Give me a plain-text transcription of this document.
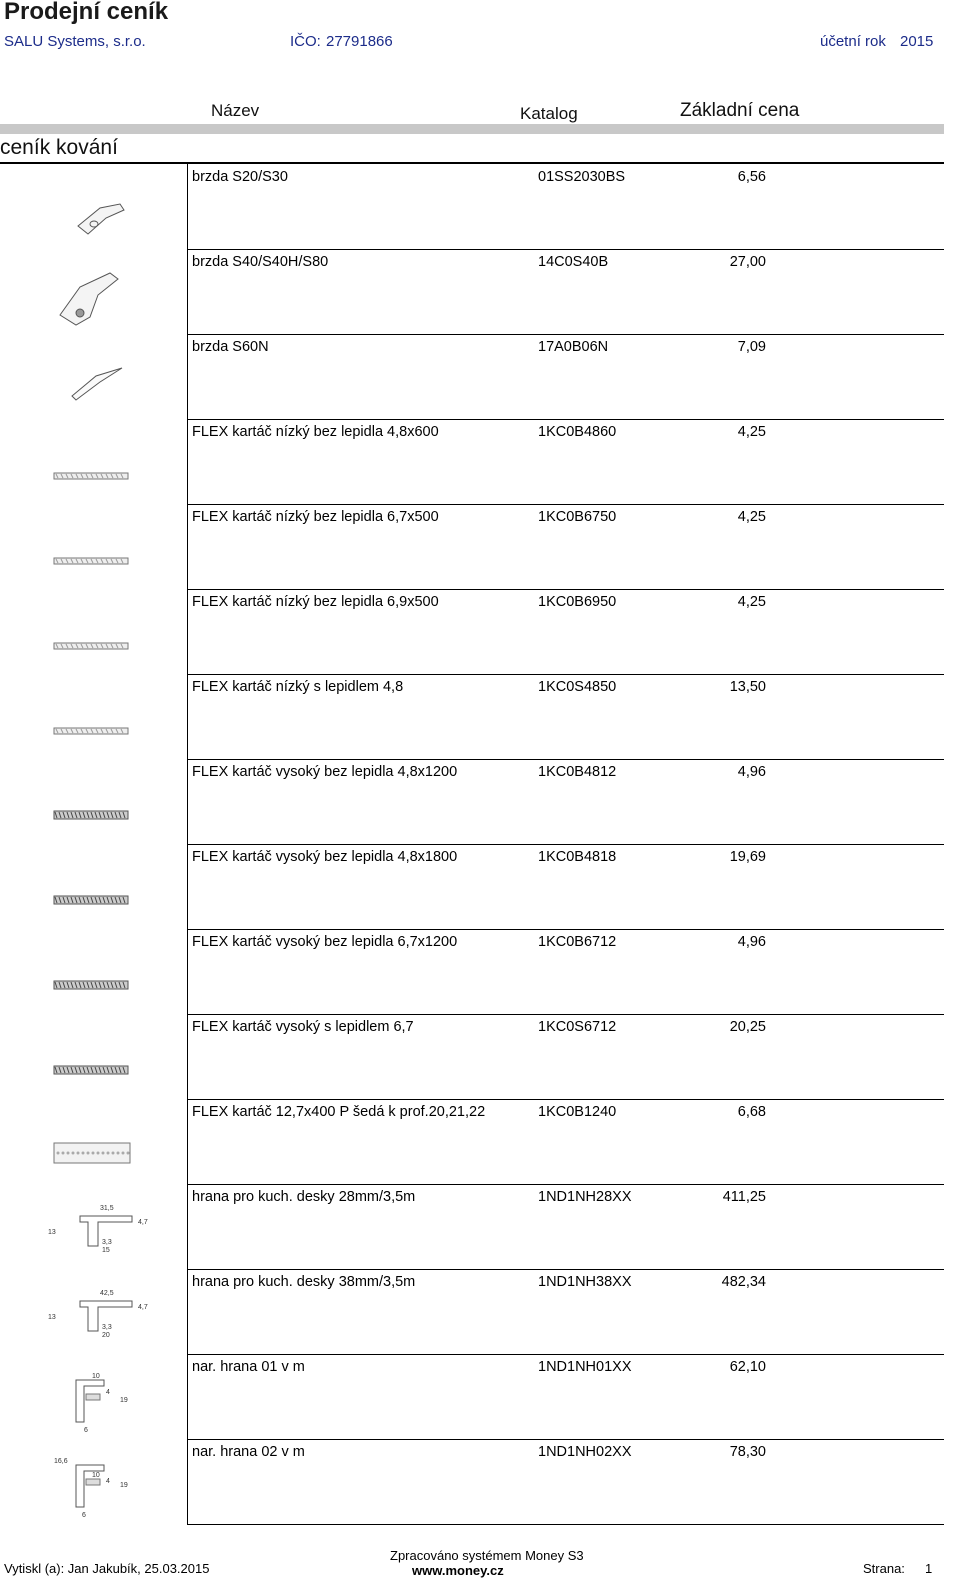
Prodejní ceník
SALU Systems, s.r.o.	IČO: 27791866	účetní rok 2015
Název	Katalog	Základní cena
ceník kování
brzda S20/S30	01SS2030BS	6,56
brzda S40/S40H/S80	14C0S40B	27,00
brzda S60N	17A0B06N	7,09
FLEX kartáč nízký bez lepidla 4,8x600	1KC0B4860	4,25
FLEX kartáč nízký bez lepidla 6,7x500	1KC0B6750	4,25
FLEX kartáč nízký bez lepidla 6,9x500	1KC0B6950	4,25
FLEX kartáč nízký s lepidlem 4,8	1KC0S4850	13,50
FLEX kartáč vysoký bez lepidla 4,8x1200	1KC0B4812	4,96
FLEX kartáč vysoký bez lepidla 4,8x1800	1KC0B4818	19,69
FLEX kartáč vysoký bez lepidla 6,7x1200	1KC0B6712	4,96
FLEX kartáč vysoký s lepidlem 6,7	1KC0S6712	20,25
FLEX kartáč 12,7x400 P šedá k prof.20,21,22	1KC0B1240	6,68
hrana pro kuch. desky 28mm/3,5m	1ND1NH28XX	411,25
31,5
4,7
13
3,3
15
hrana pro kuch. desky 38mm/3,5m	1ND1NH38XX	482,34
42,5
4,7
13
3,3
20
nar. hrana 01 v m	1ND1NH01XX	62,10
10
4
19
6
nar. hrana 02 v m	1ND1NH02XX	78,30
16,6
10
4
19
6
Vytiskl (a): Jan Jakubík, 25.03.2015
Zpracováno systémem Money S3
www.money.cz	Strana: 1
